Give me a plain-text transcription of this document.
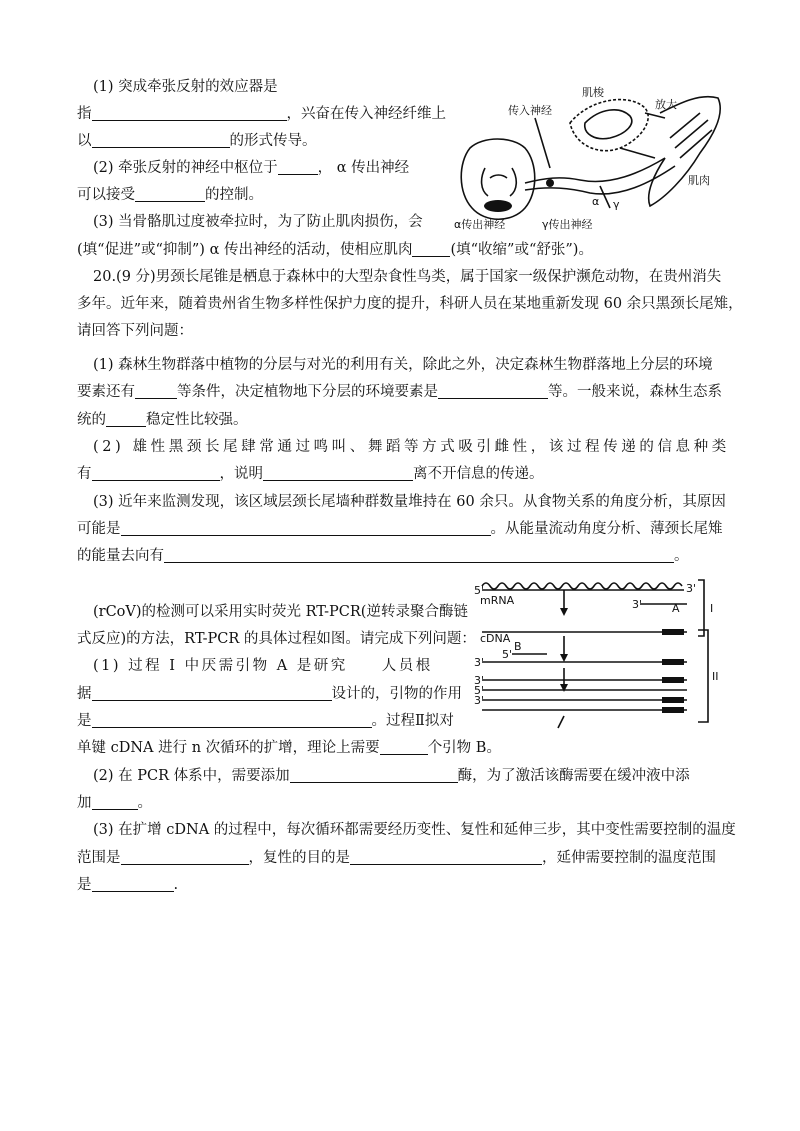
(1) 突成牵张反射的效应器是
指	，兴奋在传入神经纤维上
以	的形式传导。
(2) 牵张反射的神经中枢位于	， α 传出神经
可以接受	的控制。
(3) 当骨骼肌过度被牵拉时，为了防止肌肉损伤，会
(填“促进”或“抑制”) α 传出神经的活动，使相应肌肉	(填“收缩”或“舒张”)。
肌梭
放大
传入神经
肌肉
α γ
α传出神经	γ传出神经
20.(9 分)男颈长尾锥是栖息于森林中的大型杂食性鸟类，属于国家一级保护濒危动物，在贵州消失
多年。近年来，随着贵州省生物多样性保护力度的提升，科研人员在某地重新发现 60 余只黑颈长尾雉，
请回答下列问题：
(1) 森林生物群落中植物的分层与对光的利用有关，除此之外，决定森林生物群落地上分层的环境
要素还有	等条件，决定植物地下分层的环境要素是	等。一般来说，森林生态系
统的	稳定性比较强。
(2) 雄性黑颈长尾肆常通过鸣叫、舞蹈等方式吸引雌性，该过程传递的信息种类
有	，说明	离不开信息的传递。
(3) 近年来监测发现，该区域层颈长尾墙种群数量堆持在 60 余只。从食物关系的角度分析，其原因
可能是	。从能量流动角度分析、薄颈长尾雉
的能量去向有	。
(rCoV)的检测可以采用实时荧光 RT-PCR(逆转录聚合酶链
式反应)的方法，RT-PCR 的具体过程如图。请完成下列问题：
(1) 过程 I 中厌需引物 A 是研究　　人员根
据	设计的，引物的作用
是	。过程Ⅱ拟对
单键 cDNA 进行 n 次循环的扩增，理论上需要	个引物 B。
(2) 在 PCR 体系中，需要添加	酶，为了激活该酶需要在缓冲液中添
加	。
(3) 在扩增 cDNA 的过程中，每次循环都需要经历变性、复性和延伸三步，其中变性需要控制的温度
范围是	，复性的目的是	，延伸需要控制的温度范围
是	.
5'	3'
mRNA	3'	A
cDNA
B
5'
3'
3'
5'
3'
I
II
